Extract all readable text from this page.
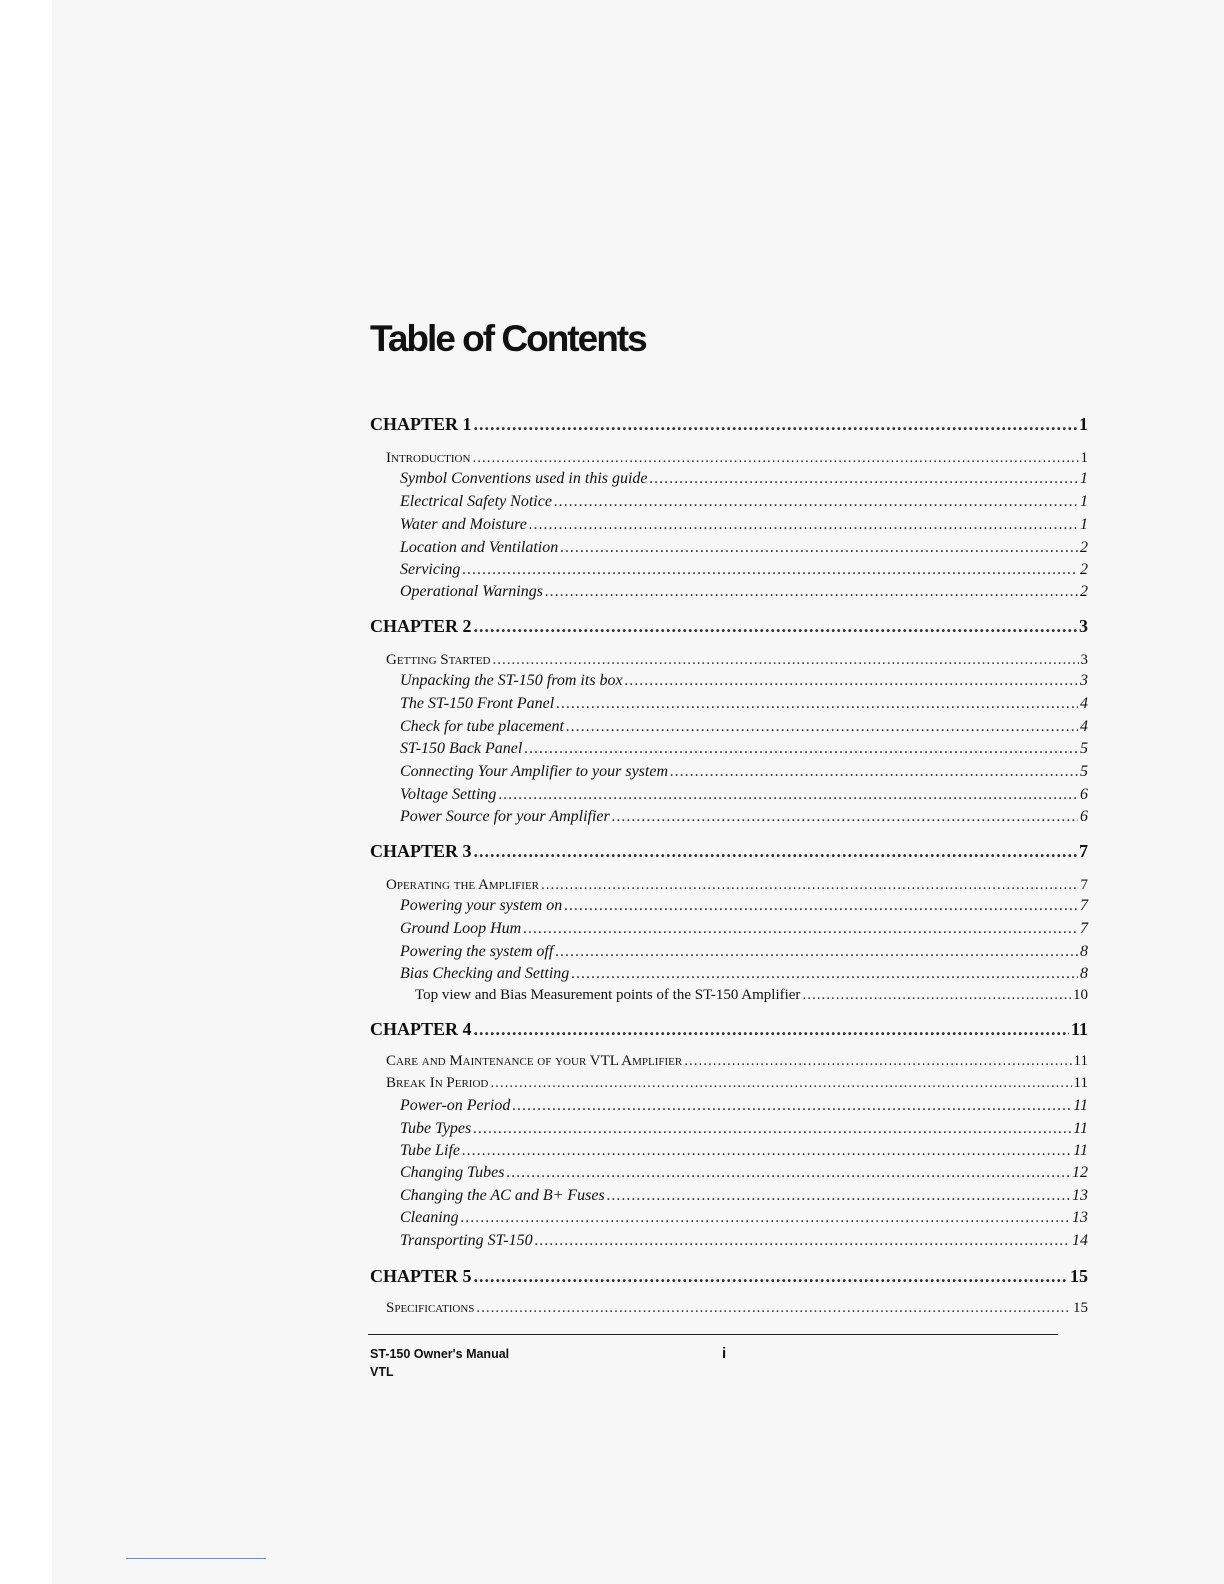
Table of Contents
CHAPTER 1 .....	1
Introduction .....	1
Symbol Conventions used in this guide .....	1
Electrical Safety Notice .....	1
Water and Moisture .....	1
Location and Ventilation .....	2
Servicing .....	2
Operational Warnings .....	2
CHAPTER 2 .....	3
Getting Started .....	3
Unpacking the ST-150 from its box .....	3
The ST-150 Front Panel .....	4
Check for tube placement .....	4
ST-150 Back Panel .....	5
Connecting Your Amplifier to your system .....	5
Voltage Setting .....	6
Power Source for your Amplifier .....	6
CHAPTER 3 .....	7
Operating the Amplifier .....	7
Powering your system on .....	7
Ground Loop Hum .....	7
Powering the system off .....	8
Bias Checking and Setting .....	8
Top view and Bias Measurement points of the ST-150 Amplifier .....	10
CHAPTER 4 .....	11
Care and Maintenance of your VTL Amplifier .....	11
Break In Period .....	11
Power-on Period .....	11
Tube Types .....	11
Tube Life .....	11
Changing Tubes .....	12
Changing the AC and B+ Fuses .....	13
Cleaning .....	13
Transporting ST-150 .....	14
CHAPTER 5 .....	15
Specifications .....	15
ST-150 Owner's Manual
VTL
i
